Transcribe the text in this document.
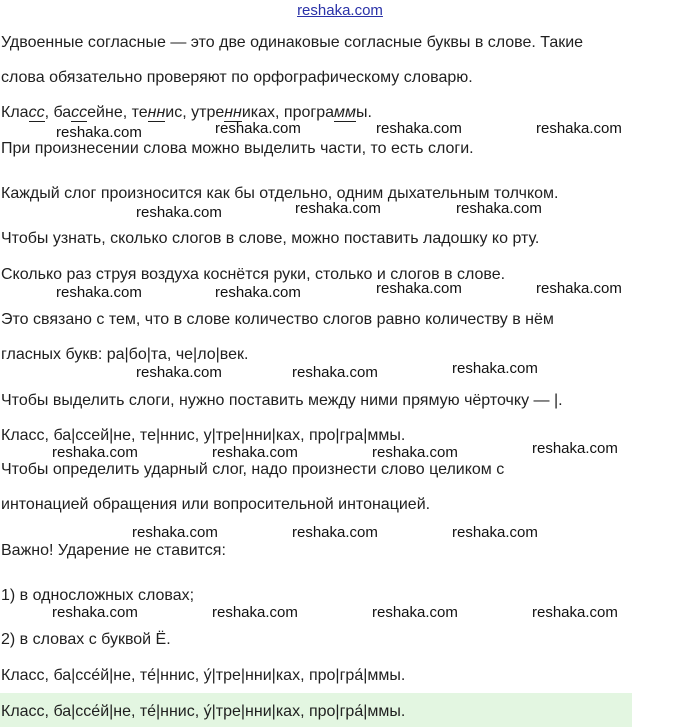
reshaka.com
Удвоенные согласные — это две одинаковые согласные буквы в слове. Такие
слова обязательно проверяют по орфографическому словарю.
Класс, бассейне, теннис, утренниках, программы.
При произнесении слова можно выделить части, то есть слоги.
Каждый слог произносится как бы отдельно, одним дыхательным толчком.
Чтобы узнать, сколько слогов в слове, можно поставить ладошку ко рту.
Сколько раз струя воздуха коснётся руки, столько и слогов в слове.
Это связано с тем, что в слове количество слогов равно количеству в нём
гласных букв: ра|бо|та, че|ло|век.
Чтобы выделить слоги, нужно поставить между ними прямую чёрточку — |.
Класс, ба|ссей|не, те|ннис, у|тре|нни|ках, про|гра|ммы.
Чтобы определить ударный слог, надо произнести слово целиком с
интонацией обращения или вопросительной интонацией.
Важно! Ударение не ставится:
1) в односложных словах;
2) в словах с буквой Ё.
Класс, ба|ссе́й|не, те́|ннис, у́|тре|нни|ках, про|гра́|ммы.
Класс, ба|ссе́й|не, те́|ннис, у́|тре|нни|ках, про|гра́|ммы.
reshaka.com	reshaka.com	reshaka.com	reshaka.com
reshaka.com	reshaka.com	reshaka.com
reshaka.com	reshaka.com	reshaka.com	reshaka.com
reshaka.com	reshaka.com	reshaka.com
reshaka.com	reshaka.com	reshaka.com	reshaka.com
reshaka.com	reshaka.com	reshaka.com
reshaka.com	reshaka.com	reshaka.com	reshaka.com
